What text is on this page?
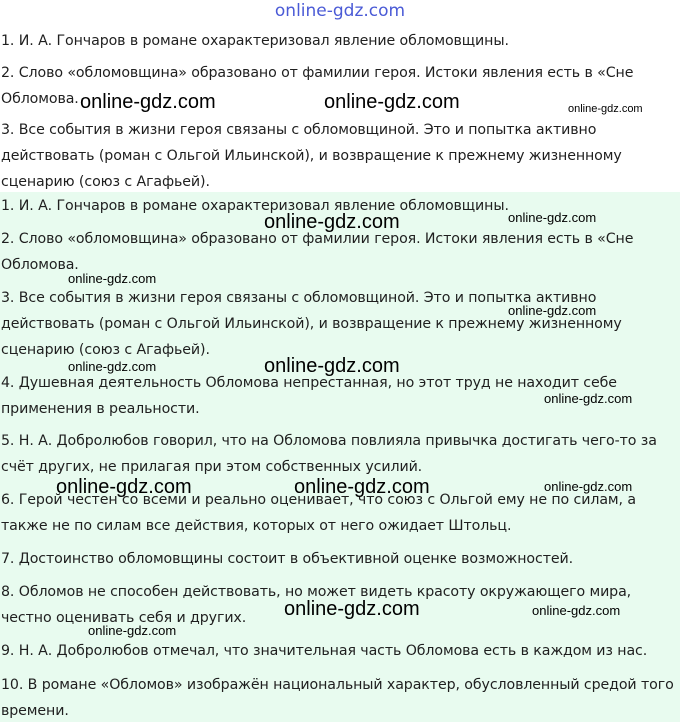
online-gdz.com

1. И. А. Гончаров в романе охарактеризовал явление обломовщины.

2. Слово «обломовщина» образовано от фамилии героя. Истоки явления есть в «Сне Обломова.

3. Все события в жизни героя связаны с обломовщиной. Это и попытка активно действовать (роман с Ольгой Ильинской), и возвращение к прежнему жизненному сценарию (союз с Агафьей).

1. И. А. Гончаров в романе охарактеризовал явление обломовщины.

2. Слово «обломовщина» образовано от фамилии героя. Истоки явления есть в «Сне Обломова.

3. Все события в жизни героя связаны с обломовщиной. Это и попытка активно действовать (роман с Ольгой Ильинской), и возвращение к прежнему жизненному сценарию (союз с Агафьей).

4. Душевная деятельность Обломова непрестанная, но этот труд не находит себе применения в реальности.

5. Н. А. Добролюбов говорил, что на Обломова повлияла привычка достигать чего-то за счёт других, не прилагая при этом собственных усилий.

6. Герой честен со всеми и реально оценивает, что союз с Ольгой ему не по силам, а также не по силам все действия, которых от него ожидает Штольц.

7. Достоинство обломовщины состоит в объективной оценке возможностей.

8. Обломов не способен действовать, но может видеть красоту окружающего мира, честно оценивать себя и других.

9. Н. А. Добролюбов отмечал, что значительная часть Обломова есть в каждом из нас.

10. В романе «Обломов» изображён национальный характер, обусловленный средой того времени.

online-gdz.com	online-gdz.com	online-gdz.com
online-gdz.com	online-gdz.com
online-gdz.com
online-gdz.com
online-gdz.com
online-gdz.com
online-gdz.com
online-gdz.com	online-gdz.com	online-gdz.com
online-gdz.com	online-gdz.com
online-gdz.com
